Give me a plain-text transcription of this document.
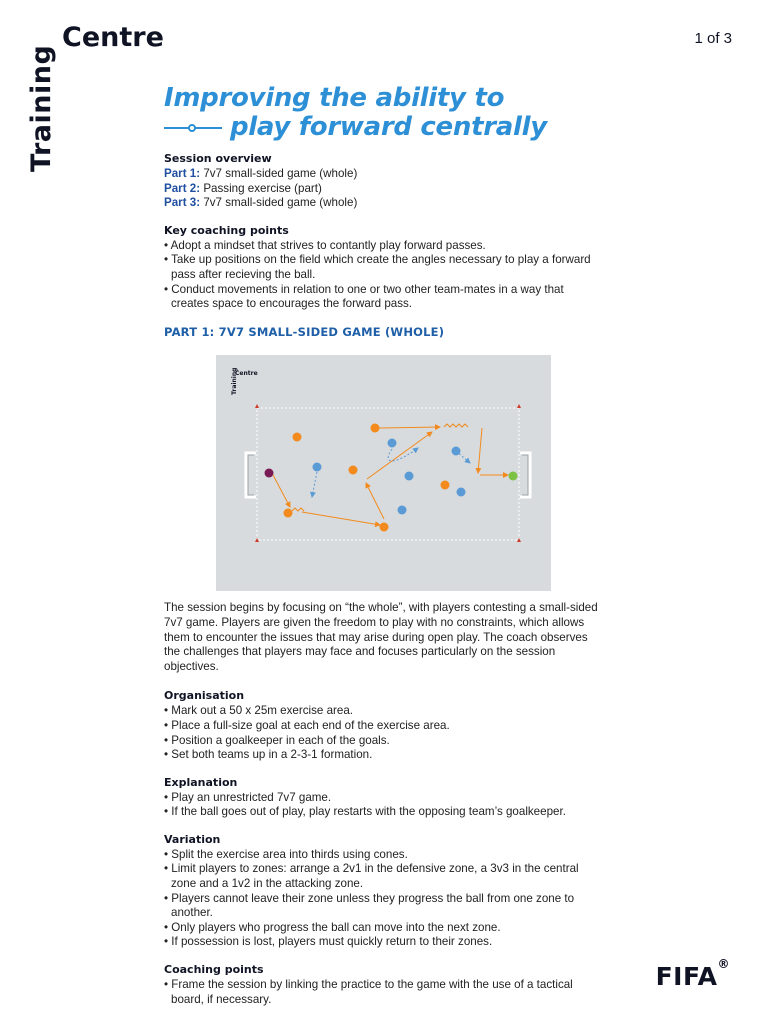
Training
Centre	1 of 3
Improving the ability to
play forward centrally
Session overview
Part 1: 7v7 small-sided game (whole)
Part 2: Passing exercise (part)
Part 3: 7v7 small-sided game (whole)
Key coaching points
• Adopt a mindset that strives to contantly play forward passes.
• Take up positions on the field which create the angles necessary to play a forward pass after recieving the ball.
• Conduct movements in relation to one or two other team-mates in a way that creates space to encourages the forward pass.
PART 1: 7V7 SMALL-SIDED GAME (WHOLE)
Training
Centre
The session begins by focusing on “the whole”, with players contesting a small-sided 7v7 game. Players are given the freedom to play with no constraints, which allows them to encounter the issues that may arise during open play. The coach observes the challenges that players may face and focuses particularly on the session objectives.
Organisation
• Mark out a 50 x 25m exercise area.
• Place a full-size goal at each end of the exercise area.
• Position a goalkeeper in each of the goals.
• Set both teams up in a 2-3-1 formation.
Explanation
• Play an unrestricted 7v7 game.
• If the ball goes out of play, play restarts with the opposing team’s goalkeeper.
Variation
• Split the exercise area into thirds using cones.
• Limit players to zones: arrange a 2v1 in the defensive zone, a 3v3 in the central zone and a 1v2 in the attacking zone.
• Players cannot leave their zone unless they progress the ball from one zone to another.
• Only players who progress the ball can move into the next zone.
• If possession is lost, players must quickly return to their zones.
Coaching points
• Frame the session by linking the practice to the game with the use of a tactical board, if necessary.
FIFA®
